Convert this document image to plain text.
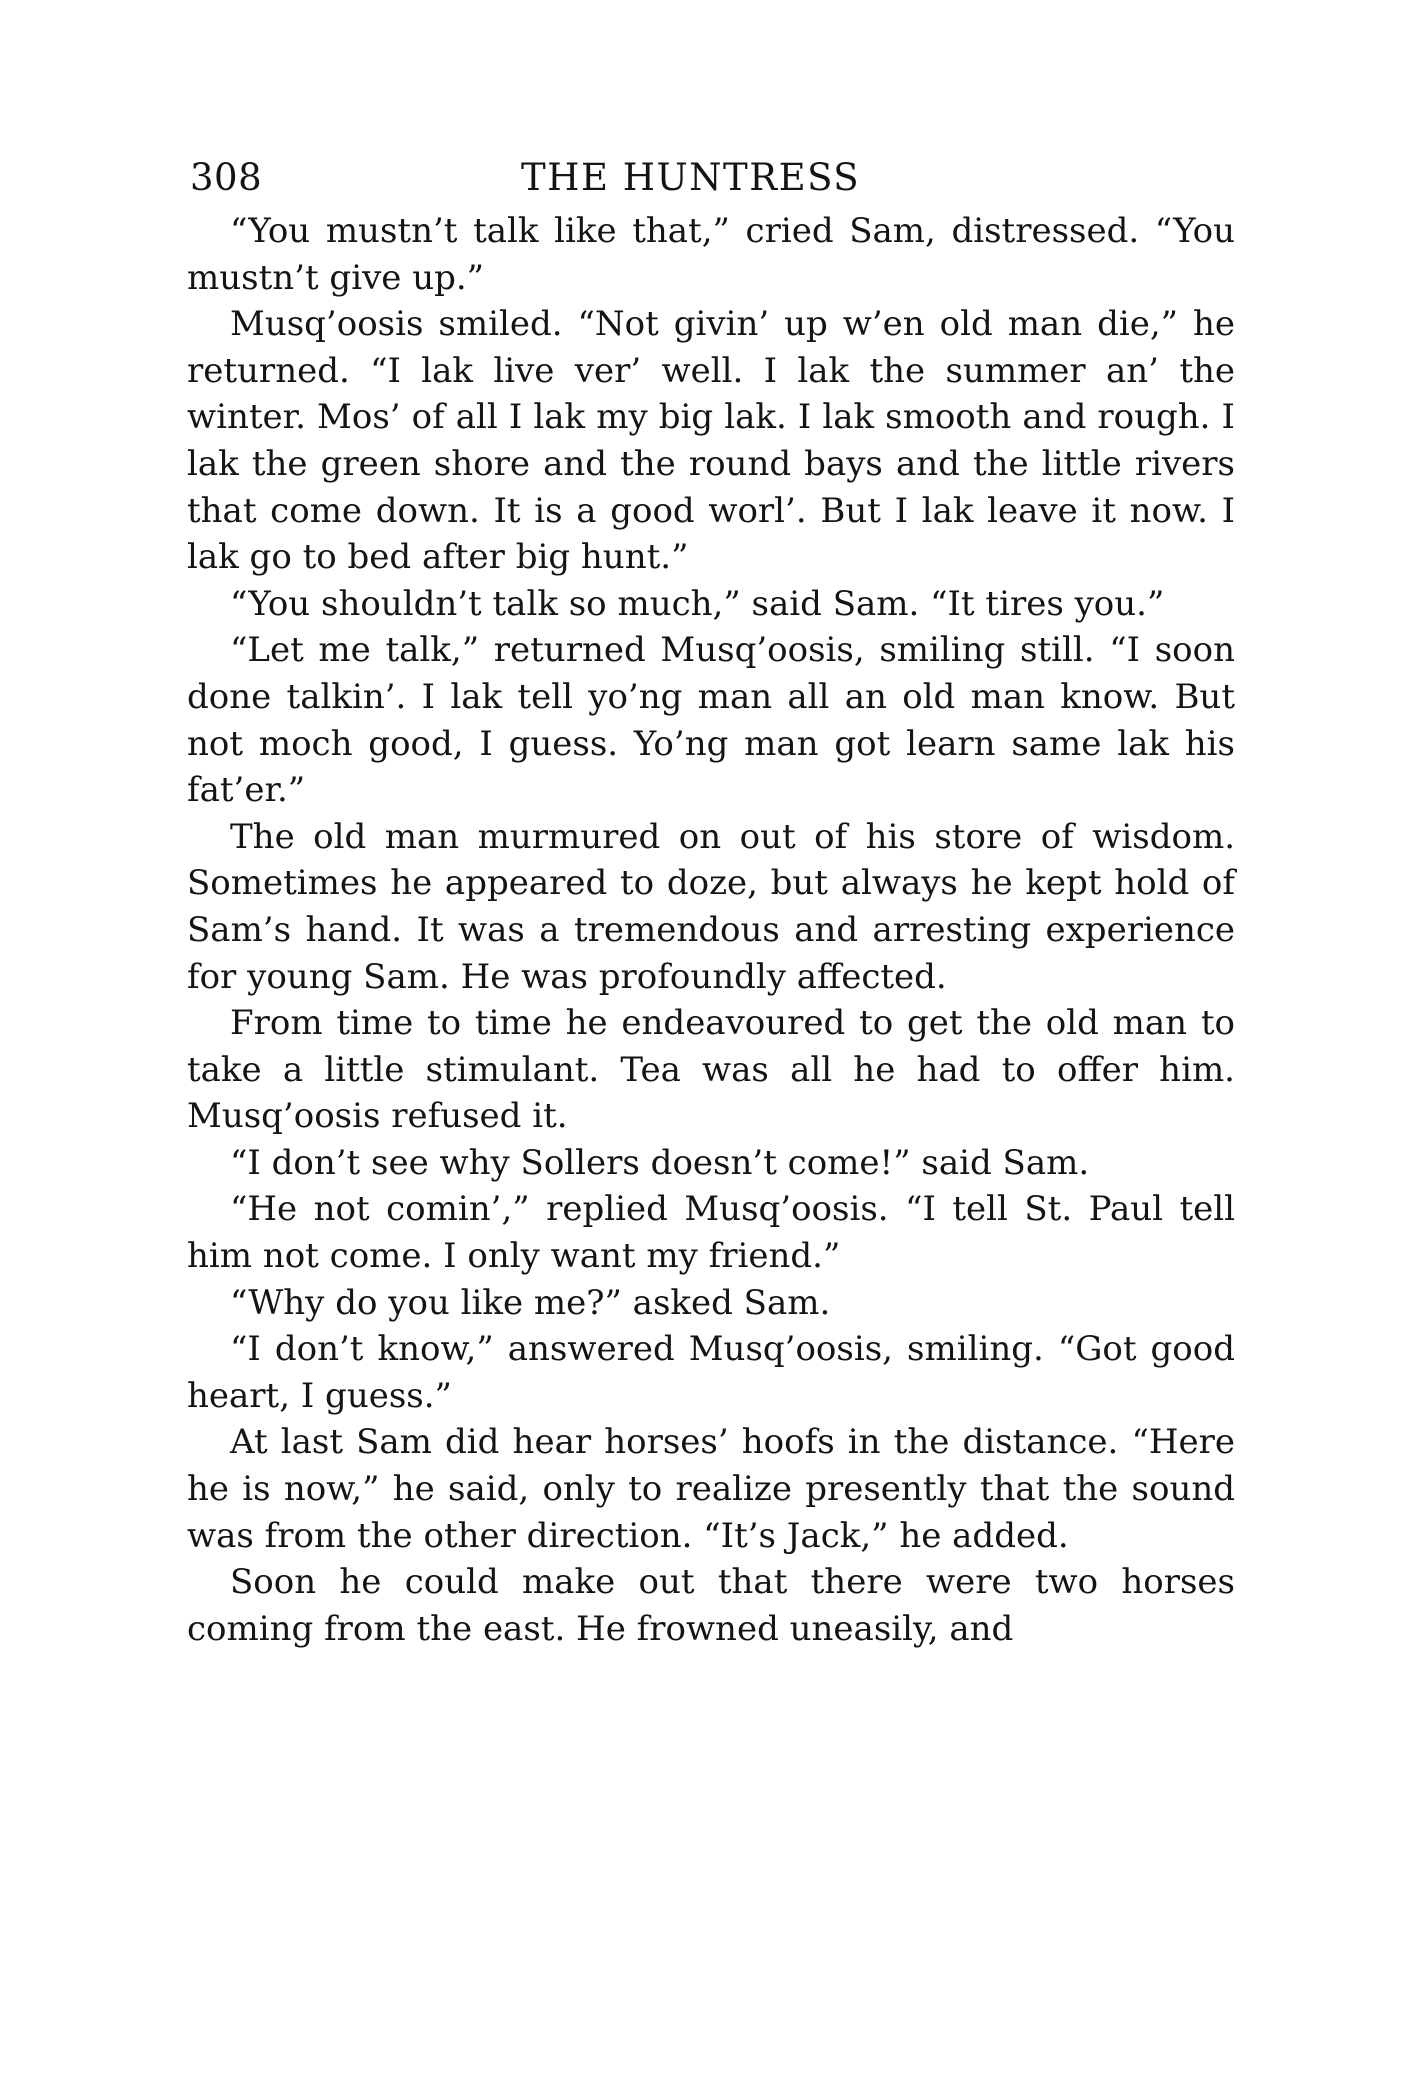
308	THE HUNTRESS

“You mustn’t talk like that,” cried Sam, distressed. “You mustn’t give up.”

Musq’oosis smiled. “Not givin’ up w’en old man die,” he returned. “I lak live ver’ well. I lak the summer an’ the winter. Mos’ of all I lak my big lak. I lak smooth and rough. I lak the green shore and the round bays and the little rivers that come down. It is a good worl’. But I lak leave it now. I lak go to bed after big hunt.”

“You shouldn’t talk so much,” said Sam. “It tires you.”

“Let me talk,” returned Musq’oosis, smiling still. “I soon done talkin’. I lak tell yo’ng man all an old man know. But not moch good, I guess. Yo’ng man got learn same lak his fat’er.”

The old man murmured on out of his store of wisdom. Sometimes he appeared to doze, but always he kept hold of Sam’s hand. It was a tremendous and arresting experience for young Sam. He was profoundly affected.

From time to time he endeavoured to get the old man to take a little stimulant. Tea was all he had to offer him. Musq’oosis refused it.

“I don’t see why Sollers doesn’t come!” said Sam.

“He not comin’,” replied Musq’oosis. “I tell St. Paul tell him not come. I only want my friend.”

“Why do you like me?” asked Sam.

“I don’t know,” answered Musq’oosis, smiling. “Got good heart, I guess.”

At last Sam did hear horses’ hoofs in the distance. “Here he is now,” he said, only to realize presently that the sound was from the other direction. “It’s Jack,” he added.

Soon he could make out that there were two horses coming from the east. He frowned uneasily, and
